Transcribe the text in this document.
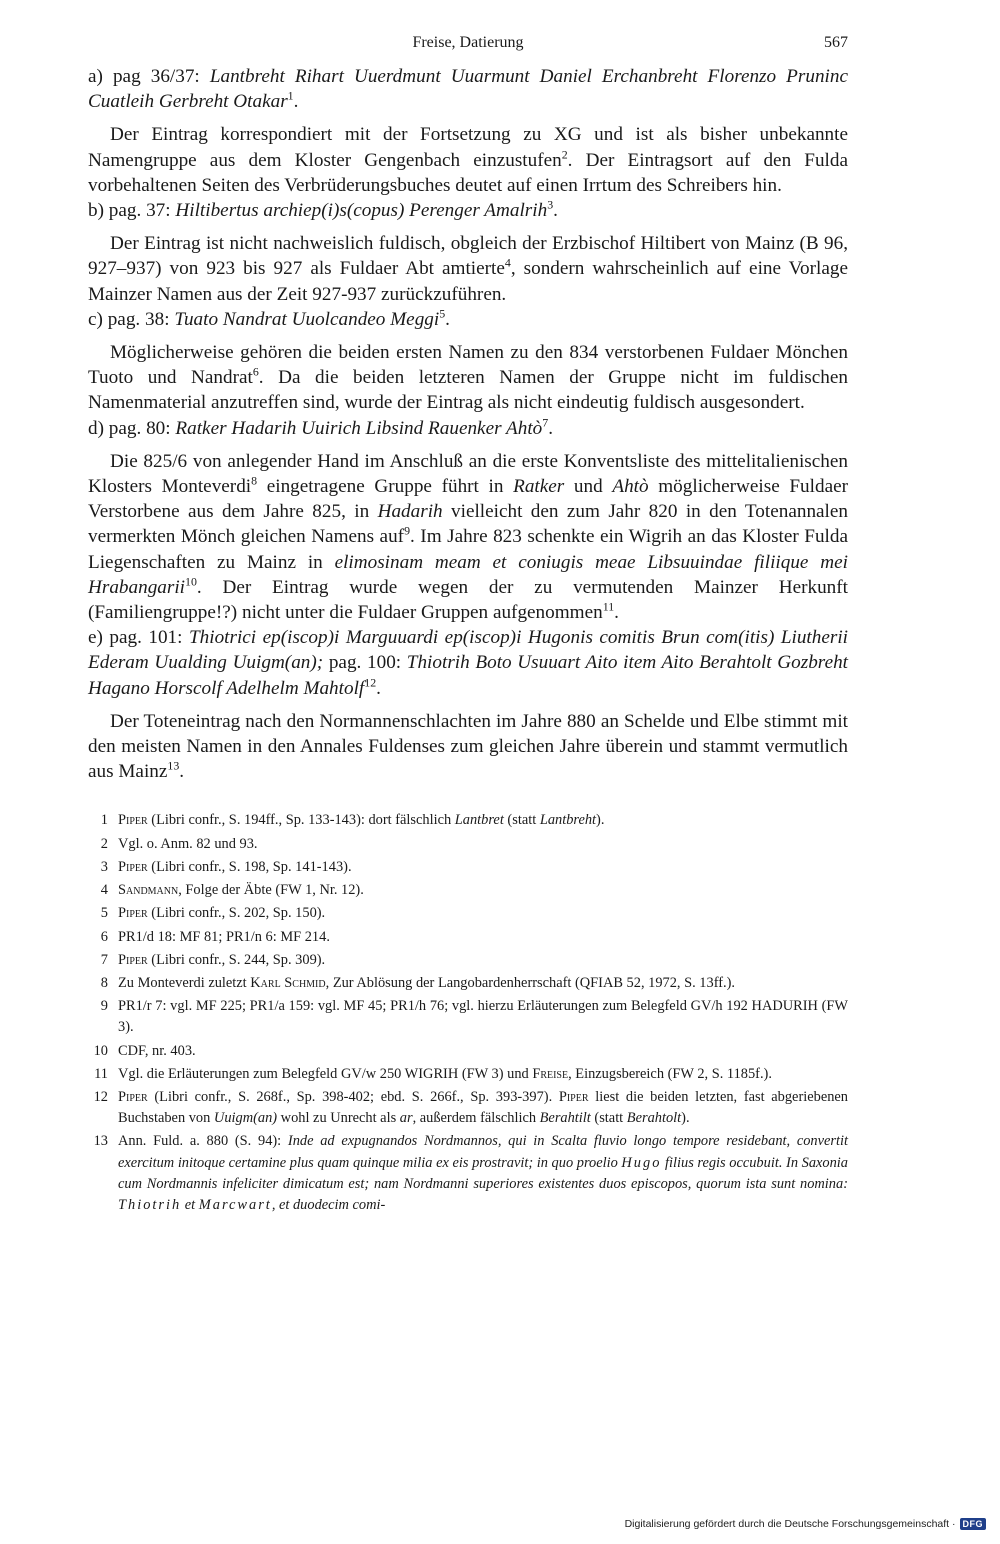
Freise, Datierung	567

a) pag 36/37: Lantbreht Rihart Uuerdmunt Uuarmunt Daniel Erchanbreht Florenzo Pruninc Cuatleih Gerbreht Otakar$^1$.

Der Eintrag korrespondiert mit der Fortsetzung zu XG und ist als bisher unbekannte Namengruppe aus dem Kloster Gengenbach einzustufen$^2$. Der Eintragsort auf den Fulda vorbehaltenen Seiten des Verbrüderungsbuches deutet auf einen Irrtum des Schreibers hin.

b) pag. 37: Hiltibertus archiep(i)s(copus) Perenger Amalrih$^3$.

Der Eintrag ist nicht nachweislich fuldisch, obgleich der Erzbischof Hiltibert von Mainz (B 96, 927–937) von 923 bis 927 als Fuldaer Abt amtierte$^4$, sondern wahrscheinlich auf eine Vorlage Mainzer Namen aus der Zeit 927-937 zurückzuführen.

c) pag. 38: Tuato Nandrat Uuolcandeo Meggi$^5$.

Möglicherweise gehören die beiden ersten Namen zu den 834 verstorbenen Fuldaer Mönchen Tuoto und Nandrat$^6$. Da die beiden letzteren Namen der Gruppe nicht im fuldischen Namenmaterial anzutreffen sind, wurde der Eintrag als nicht eindeutig fuldisch ausgesondert.

d) pag. 80: Ratker Hadarih Uuirich Libsind Rauenker Ahtò$^7$.

Die 825/6 von anlegender Hand im Anschluß an die erste Konventsliste des mittelitalienischen Klosters Monteverdi$^8$ eingetragene Gruppe führt in Ratker und Ahtò möglicherweise Fuldaer Verstorbene aus dem Jahre 825, in Hadarih vielleicht den zum Jahr 820 in den Totenannalen vermerkten Mönch gleichen Namens auf$^9$. Im Jahre 823 schenkte ein Wigrih an das Kloster Fulda Liegenschaften zu Mainz in elimosinam meam et coniugis meae Libsuuindae filiique mei Hrabangarii$^{10}$. Der Eintrag wurde wegen der zu vermutenden Mainzer Herkunft (Familiengruppe!?) nicht unter die Fuldaer Gruppen aufgenommen$^{11}$.

e) pag. 101: Thiotrici ep(iscop)i Marguuardi ep(iscop)i Hugonis comitis Brun com(itis) Liutherii Ederam Uualding Uuigm(an); pag. 100: Thiotrih Boto Usuuart Aito item Aito Berahtolt Gozbreht Hagano Horscolf Adelhelm Mahtolf$^{12}$.

Der Toteneintrag nach den Normannenschlachten im Jahre 880 an Schelde und Elbe stimmt mit den meisten Namen in den Annales Fuldenses zum gleichen Jahre überein und stammt vermutlich aus Mainz$^{13}$.

1 Piper (Libri confr., S. 194ff., Sp. 133-143): dort fälschlich Lantbret (statt Lantbreht).
2 Vgl. o. Anm. 82 und 93.
3 Piper (Libri confr., S. 198, Sp. 141-143).
4 Sandmann, Folge der Äbte (FW 1, Nr. 12).
5 Piper (Libri confr., S. 202, Sp. 150).
6 PR1/d 18: MF 81; PR1/n 6: MF 214.
7 Piper (Libri confr., S. 244, Sp. 309).
8 Zu Monteverdi zuletzt Karl Schmid, Zur Ablösung der Langobardenherrschaft (QFIAB 52, 1972, S. 13ff.).
9 PR1/r 7: vgl. MF 225; PR1/a 159: vgl. MF 45; PR1/h 76; vgl. hierzu Erläuterungen zum Belegfeld GV/h 192 HADURIH (FW 3).
10 CDF, nr. 403.
11 Vgl. die Erläuterungen zum Belegfeld GV/w 250 WIGRIH (FW 3) und Freise, Einzugsbereich (FW 2, S. 1185f.).
12 Piper (Libri confr., S. 268f., Sp. 398-402; ebd. S. 266f., Sp. 393-397). Piper liest die beiden letzten, fast abgeriebenen Buchstaben von Uuigm(an) wohl zu Unrecht als ar, außerdem fälschlich Berahtilt (statt Berahtolt).
13 Ann. Fuld. a. 880 (S. 94): Inde ad expugnandos Nordmannos, qui in Scalta fluvio longo tempore residebant, convertit exercitum initoque certamine plus quam quinque milia ex eis prostravit; in quo proelio Hugo filius regis occubuit. In Saxonia cum Nordmannis infeliciter dimicatum est; nam Nordmanni superiores existentes duos episcopos, quorum ista sunt nomina: Thiotrih et Marcwart, et duodecim comi-
Digitalisierung gefördert durch die Deutsche Forschungsgemeinschaft · DFG
